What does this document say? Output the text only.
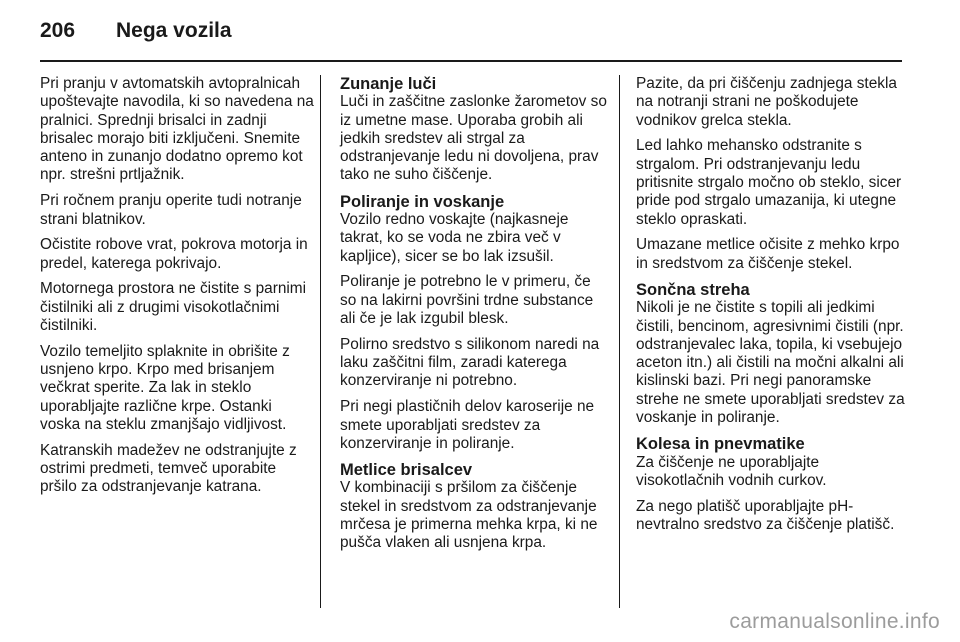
206	Nega vozila

Pri pranju v avtomatskih avtopralnicah upoštevajte navodila, ki so navedena na pralnici. Sprednji brisalci in zadnji brisalec morajo biti izključeni. Snemite anteno in zunanjo dodatno opremo kot npr. strešni prtljažnik.

Pri ročnem pranju operite tudi notranje strani blatnikov.

Očistite robove vrat, pokrova motorja in predel, katerega pokrivajo.

Motornega prostora ne čistite s parnimi čistilniki ali z drugimi visokotlačnimi čistilniki.

Vozilo temeljito splaknite in obrišite z usnjeno krpo. Krpo med brisanjem večkrat sperite. Za lak in steklo uporabljajte različne krpe. Ostanki voska na steklu zmanjšajo vidljivost.

Katranskih madežev ne odstranjujte z ostrimi predmeti, temveč uporabite pršilo za odstranjevanje katrana.

Zunanje luči

Luči in zaščitne zaslonke žarometov so iz umetne mase. Uporaba grobih ali jedkih sredstev ali strgal za odstranjevanje ledu ni dovoljena, prav tako ne suho čiščenje.

Poliranje in voskanje

Vozilo redno voskajte (najkasneje takrat, ko se voda ne zbira več v kapljice), sicer se bo lak izsušil.

Poliranje je potrebno le v primeru, če so na lakirni površini trdne substance ali če je lak izgubil blesk.

Polirno sredstvo s silikonom naredi na laku zaščitni film, zaradi katerega konzerviranje ni potrebno.

Pri negi plastičnih delov karoserije ne smete uporabljati sredstev za konzerviranje in poliranje.

Metlice brisalcev

V kombinaciji s pršilom za čiščenje stekel in sredstvom za odstranjevanje mrčesa je primerna mehka krpa, ki ne pušča vlaken ali usnjena krpa.

Pazite, da pri čiščenju zadnjega stekla na notranji strani ne poškodujete vodnikov grelca stekla.

Led lahko mehansko odstranite s strgalom. Pri odstranjevanju ledu pritisnite strgalo močno ob steklo, sicer pride pod strgalo umazanija, ki utegne steklo opraskati.

Umazane metlice očisite z mehko krpo in sredstvom za čiščenje stekel.

Sončna streha

Nikoli je ne čistite s topili ali jedkimi čistili, bencinom, agresivnimi čistili (npr. odstranjevalec laka, topila, ki vsebujejo aceton itn.) ali čistili na močni alkalni ali kislinski bazi. Pri negi panoramske strehe ne smete uporabljati sredstev za voskanje in poliranje.

Kolesa in pnevmatike

Za čiščenje ne uporabljajte visokotlačnih vodnih curkov.

Za nego platišč uporabljajte pH-nevtralno sredstvo za čiščenje platišč.

carmanualsonline.info
